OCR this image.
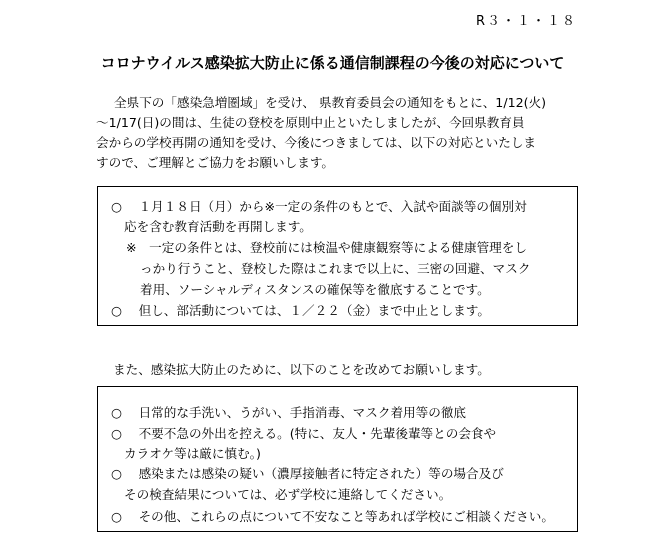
R３・１・１８
コロナウイルス感染拡大防止に係る通信制課程の今後の対応について
全県下の「感染急増圏域」を受け、 県教育委員会の通知をもとに、1/12(火)
～1/17(日)の間は、生徒の登校を原則中止といたしましたが、今回県教育員
会からの学校再開の通知を受け、今後につきましては、以下の対応といたしま
すので、ご理解とご協力をお願いします。
○ 　１月１８日（月）から※一定の条件のもとで、入試や面談等の個別対
応を含む教育活動を再開します。
※　一定の条件とは、登校前には検温や健康観察等による健康管理をし
っかり行うこと、登校した際はこれまで以上に、三密の回避、マスク
着用、ソーシャルディスタンスの確保等を徹底することです。
○ 　但し、部活動については、１／２２（金）まで中止とします。
また、感染拡大防止のために、以下のことを改めてお願いします。
○ 　日常的な手洗い、うがい、手指消毒、マスク着用等の徹底
○ 　不要不急の外出を控える。(特に、友人・先輩後輩等との会食や
カラオケ等は厳に慎む。)
○ 　感染または感染の疑い（濃厚接触者に特定された）等の場合及び
その検査結果については、必ず学校に連絡してください。
○ 　その他、これらの点について不安なこと等あれば学校にご相談ください。
